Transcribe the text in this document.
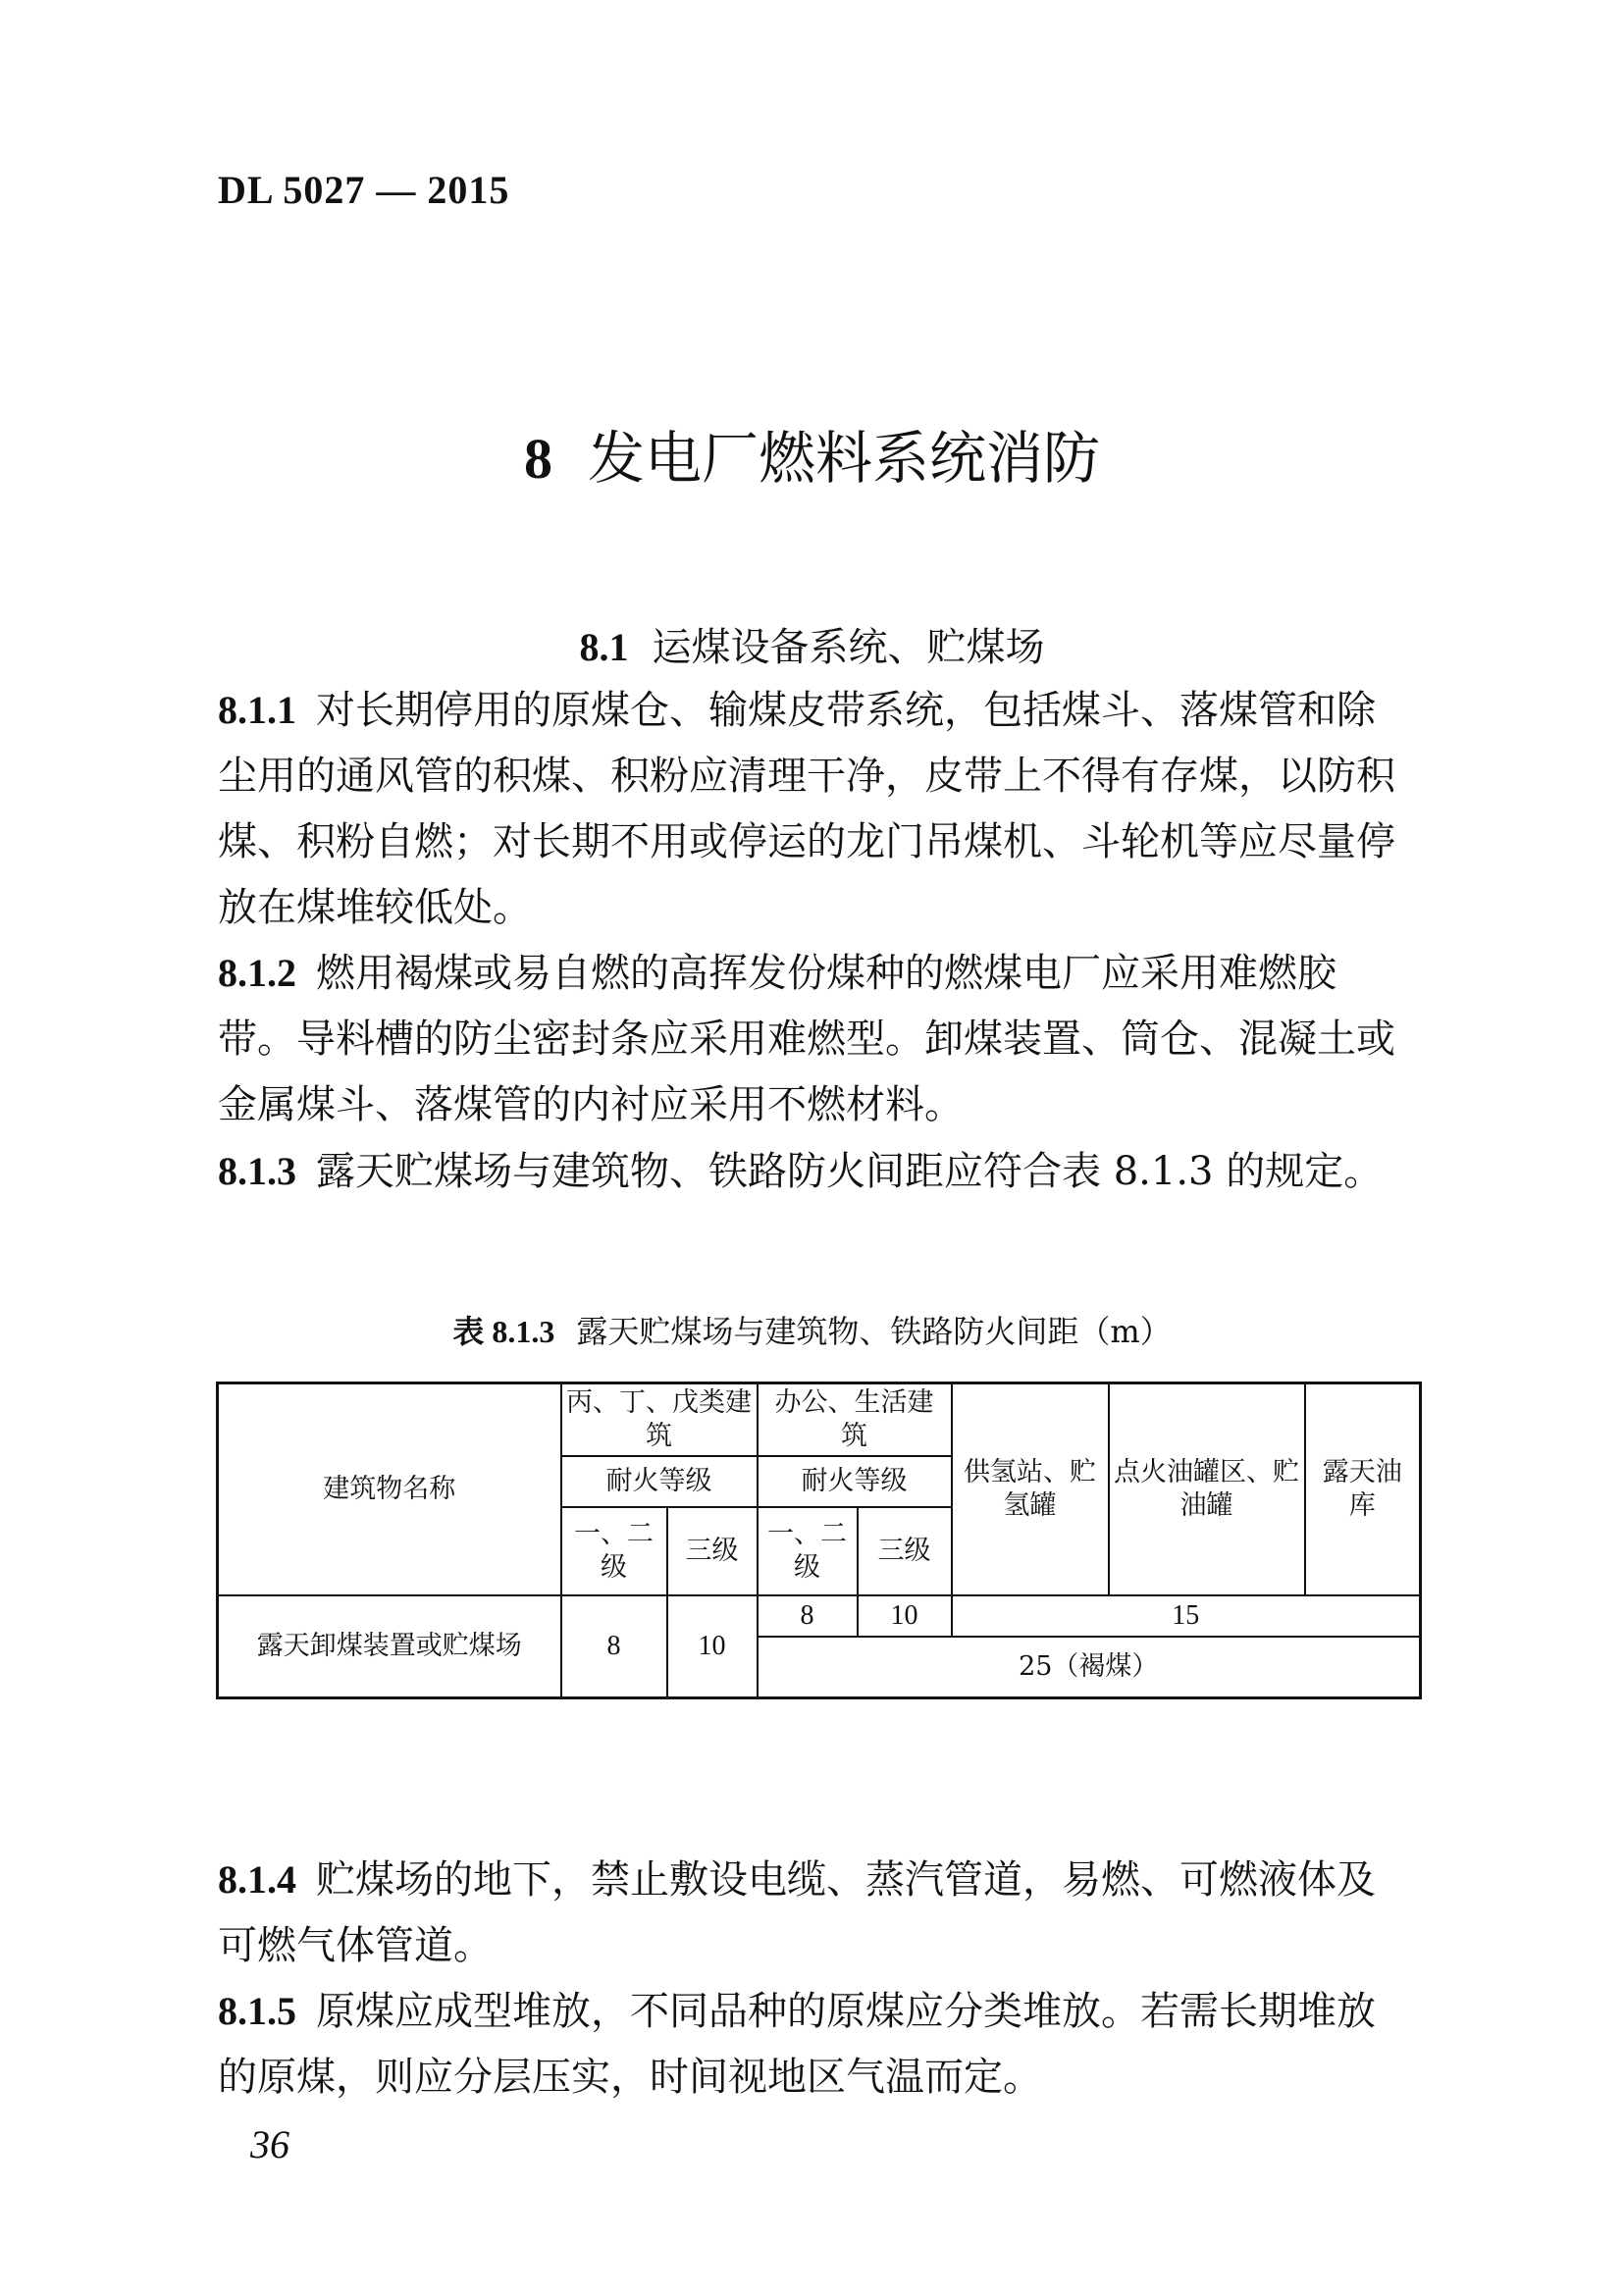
DL 5027 — 2015
8 发电厂燃料系统消防
8.1 运煤设备系统、贮煤场
8.1.1 对长期停用的原煤仓、输煤皮带系统，包括煤斗、落煤管和除尘用的通风管的积煤、积粉应清理干净，皮带上不得有存煤，以防积煤、积粉自燃；对长期不用或停运的龙门吊煤机、斗轮机等应尽量停放在煤堆较低处。
8.1.2 燃用褐煤或易自燃的高挥发份煤种的燃煤电厂应采用难燃胶带。导料槽的防尘密封条应采用难燃型。卸煤装置、筒仓、混凝土或金属煤斗、落煤管的内衬应采用不燃材料。
8.1.3 露天贮煤场与建筑物、铁路防火间距应符合表 8.1.3 的规定。
表 8.1.3 露天贮煤场与建筑物、铁路防火间距（m）
建筑物名称	丙、丁、戊类建筑		办公、生活建筑		供氢站、贮氢罐	点火油罐区、贮油罐	露天油库
	耐火等级		耐火等级				
	一、二级	三级	一、二级	三级			
露天卸煤装置或贮煤场	8	10	8	10	15		
			25（褐煤）				
8.1.4 贮煤场的地下，禁止敷设电缆、蒸汽管道，易燃、可燃液体及可燃气体管道。
8.1.5 原煤应成型堆放，不同品种的原煤应分类堆放。若需长期堆放的原煤，则应分层压实，时间视地区气温而定。
36
